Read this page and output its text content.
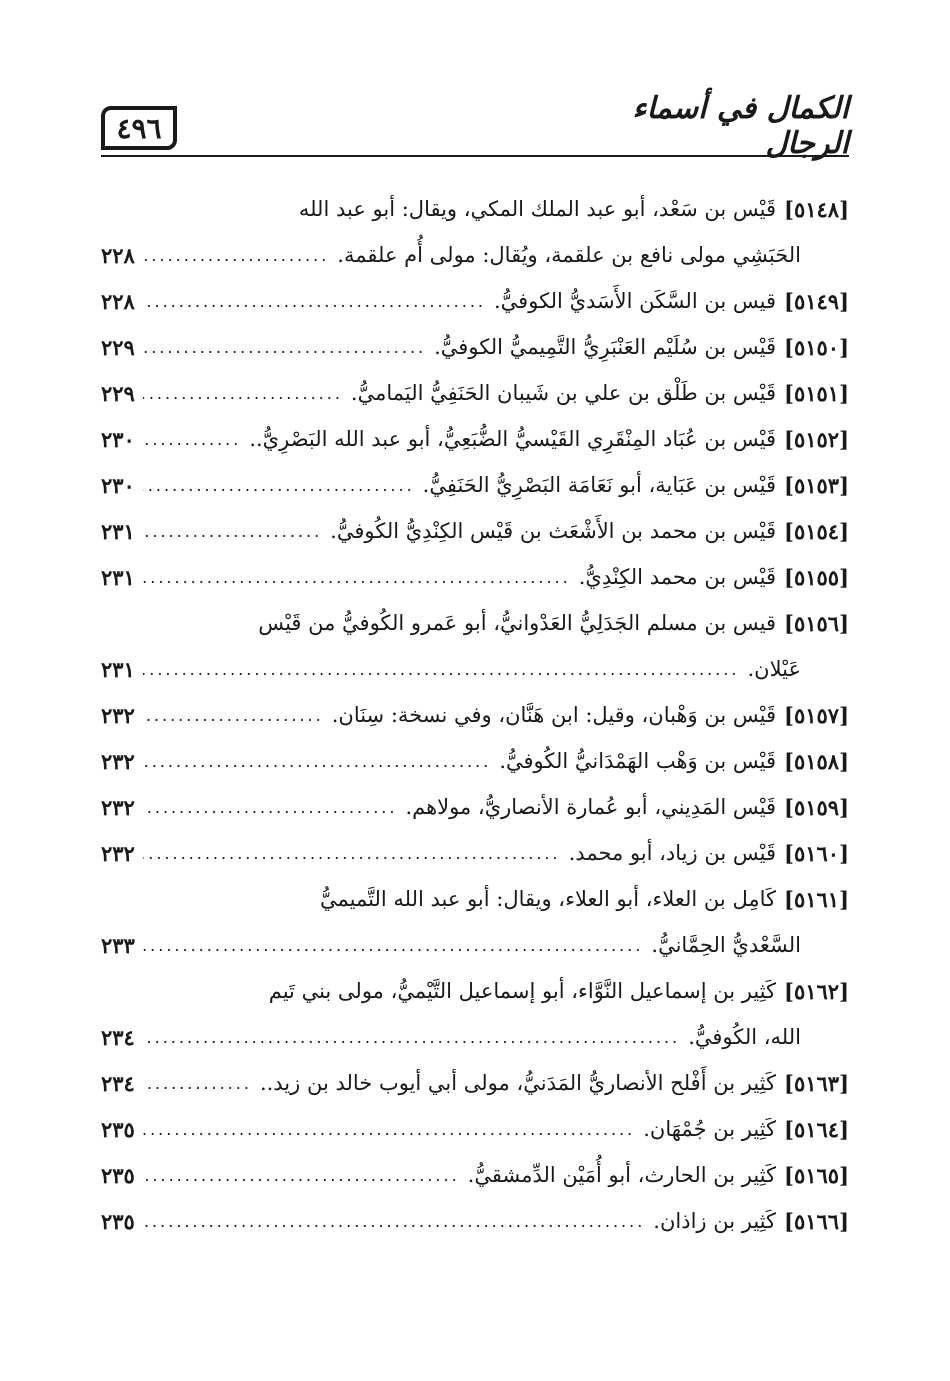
٤٩٦
الكمال في أسماء الرجال
[٥١٤٨]
قَيْس بن سَعْد، أبو عبد الملك المكي، ويقال: أبو عبد الله
الحَبَشِي مولى نافع بن علقمة، ويُقال: مولى أُم علقمة.
.....
٢٢٨
[٥١٤٩]
قيس بن السَّكَن الأَسَديُّ الكوفيُّ.
.....
٢٢٨
[٥١٥٠]
قَيْس بن سُلَيْم العَنْبَرِيُّ التَّمِيميُّ الكوفيُّ.
.....
٢٢٩
[٥١٥١]
قَيْس بن طَلْق بن علي بن شَيبان الحَنَفِيُّ اليَماميُّ.
.....
٢٢٩
[٥١٥٢]
قَيْس بن عُبَاد المِنْقَرِي القَيْسيُّ الضُّبَعِيُّ، أبو عبد الله البَصْرِيُّ..
.....
٢٣٠
[٥١٥٣]
قَيْس بن عَبَاية، أبو نَعَامَة البَصْرِيُّ الحَنَفِيُّ.
.....
٢٣٠
[٥١٥٤]
قَيْس بن محمد بن الأَشْعَث بن قَيْس الكِنْدِيُّ الكُوفيُّ.
.....
٢٣١
[٥١٥٥]
قَيْس بن محمد الكِنْدِيُّ.
.....
٢٣١
[٥١٥٦]
قيس بن مسلم الجَدَلِيُّ العَدْوانيُّ، أبو عَمرو الكُوفيُّ من قَيْس
عَيْلان.
.....
٢٣١
[٥١٥٧]
قَيْس بن وَهْبان، وقيل: ابن هَنَّان، وفي نسخة: سِنَان.
.....
٢٣٢
[٥١٥٨]
قَيْس بن وَهْب الهَمْدَانيُّ الكُوفيُّ.
.....
٢٣٢
[٥١٥٩]
قَيْس المَدِيني، أبو عُمارة الأنصاريُّ، مولاهم.
.....
٢٣٢
[٥١٦٠]
قَيْس بن زياد، أبو محمد.
.....
٢٣٢
[٥١٦١]
كَامِل بن العلاء، أبو العلاء، ويقال: أبو عبد الله التَّميميُّ
السَّعْديُّ الحِمَّانيُّ.
.....
٢٣٣
[٥١٦٢]
كَثِير بن إسماعيل النَّوَّاء، أبو إسماعيل التَّيْميُّ، مولى بني تَيم
الله، الكُوفيُّ.
.....
٢٣٤
[٥١٦٣]
كَثِير بن أَفْلح الأنصاريُّ المَدَنيُّ، مولى أبي أيوب خالد بن زيد..
.....
٢٣٤
[٥١٦٤]
كَثِير بن جُمْهَان.
.....
٢٣٥
[٥١٦٥]
كَثِير بن الحارث، أبو أُمَيْن الدِّمشقيُّ.
.....
٢٣٥
[٥١٦٦]
كَثِير بن زاذان.
.....
٢٣٥
